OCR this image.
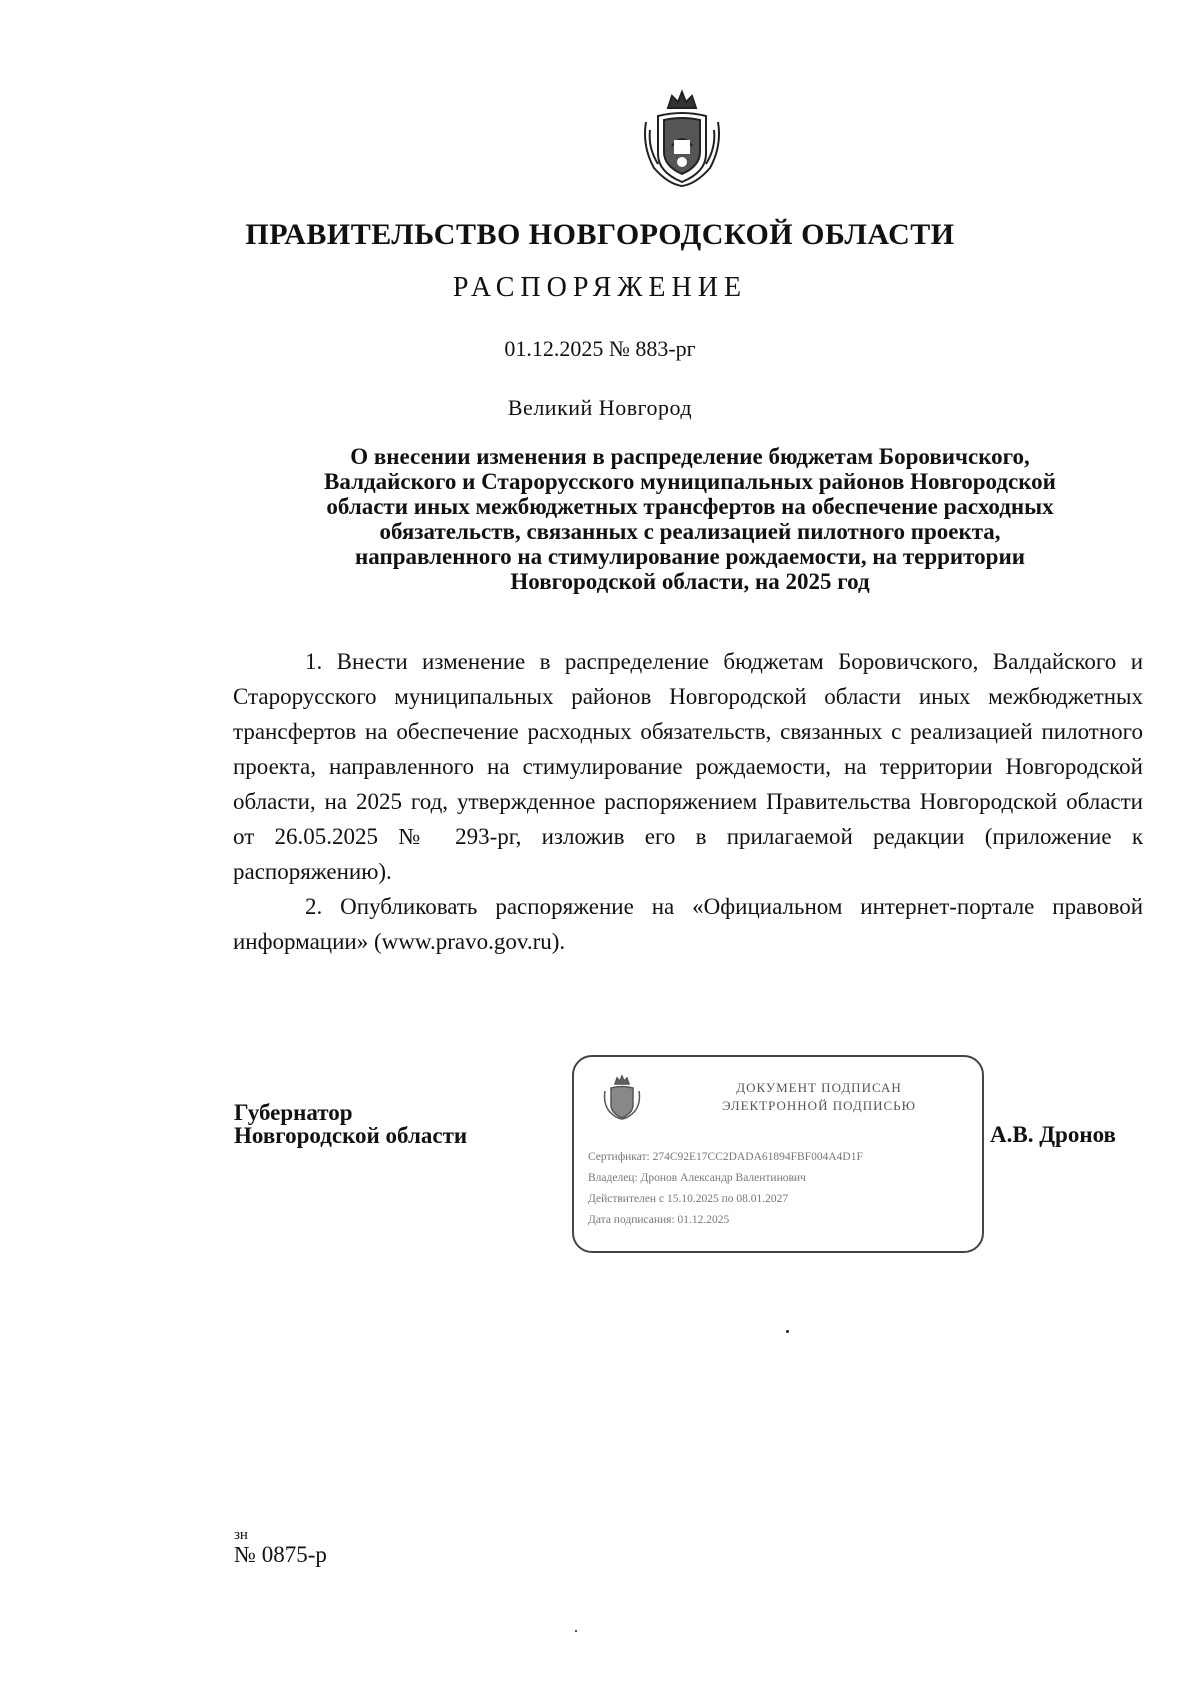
ПРАВИТЕЛЬСТВО НОВГОРОДСКОЙ ОБЛАСТИ
РАСПОРЯЖЕНИЕ
01.12.2025 № 883-рг
Великий Новгород
О внесении изменения в распределение бюджетам Боровичского,
Валдайского и Старорусского муниципальных районов Новгородской
области иных межбюджетных трансфертов на обеспечение расходных
обязательств, связанных с реализацией пилотного проекта,
направленного на стимулирование рождаемости, на территории
Новгородской области, на 2025 год

1. Внести изменение в распределение бюджетам Боровичского, Валдайского и Старорусского муниципальных районов Новгородской области иных межбюджетных трансфертов на обеспечение расходных обязательств, связанных с реализацией пилотного проекта, направленного на стимулирование рождаемости, на территории Новгородской области, на 2025 год, утвержденное распоряжением Правительства Новгородской области от 26.05.2025 № 293-рг, изложив его в прилагаемой редакции (приложение к распоряжению).

2. Опубликовать распоряжение на «Официальном интернет-портале правовой информации» (www.pravo.gov.ru).

Губернатор
Новгородской области
ДОКУМЕНТ ПОДПИСАН
ЭЛЕКТРОННОЙ ПОДПИСЬЮ
Сертификат: 274C92E17CC2DADA61894FBF004A4D1F
Владелец: Дронов Александр Валентинович
Действителен с 15.10.2025 по 08.01.2027
Дата подписания: 01.12.2025
А.В. Дронов
зн
№ 0875-р
